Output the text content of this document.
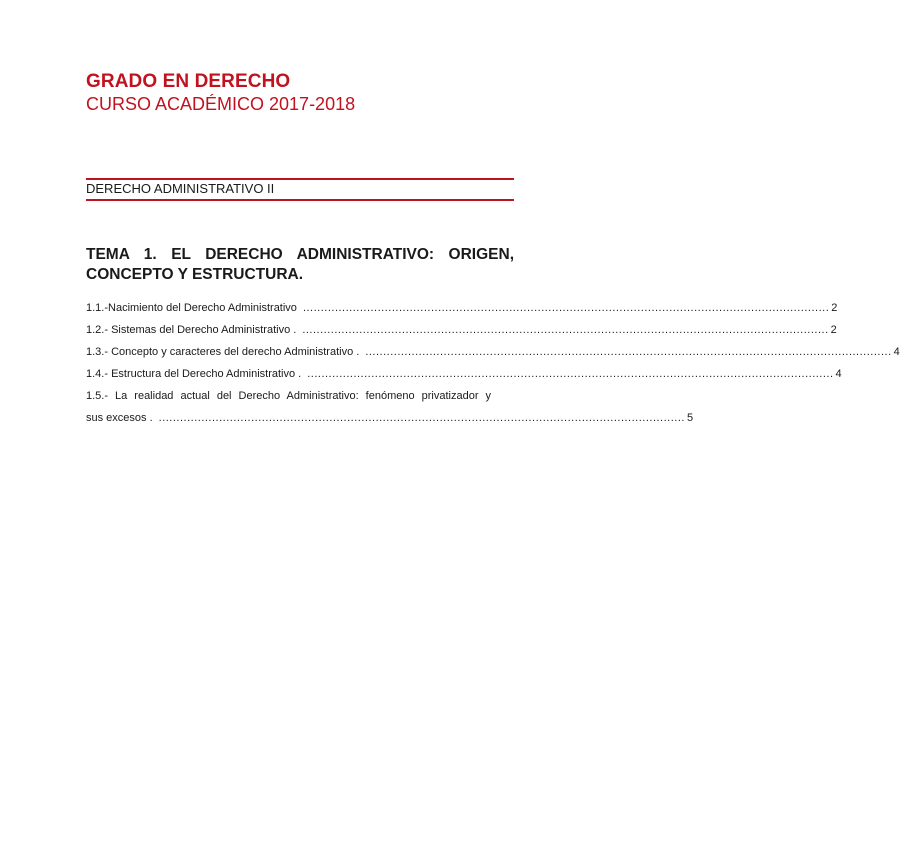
GRADO EN DERECHO
CURSO ACADÉMICO 2017-2018
DERECHO ADMINISTRATIVO II
TEMA 1. EL DERECHO ADMINISTRATIVO: ORIGEN, CONCEPTO Y ESTRUCTURA.
1.1.-Nacimiento del Derecho Administrativo .................................................................................................................................................... 2
1.2.- Sistemas del Derecho Administrativo . .................................................................................................................................................... 2
1.3.- Concepto y caracteres del derecho Administrativo . .................................................................................................................................................... 4
1.4.- Estructura del Derecho Administrativo . .................................................................................................................................................... 4
1.5.- La realidad actual del Derecho Administrativo: fenómeno privatizador y
sus excesos . .................................................................................................................................................... 5
